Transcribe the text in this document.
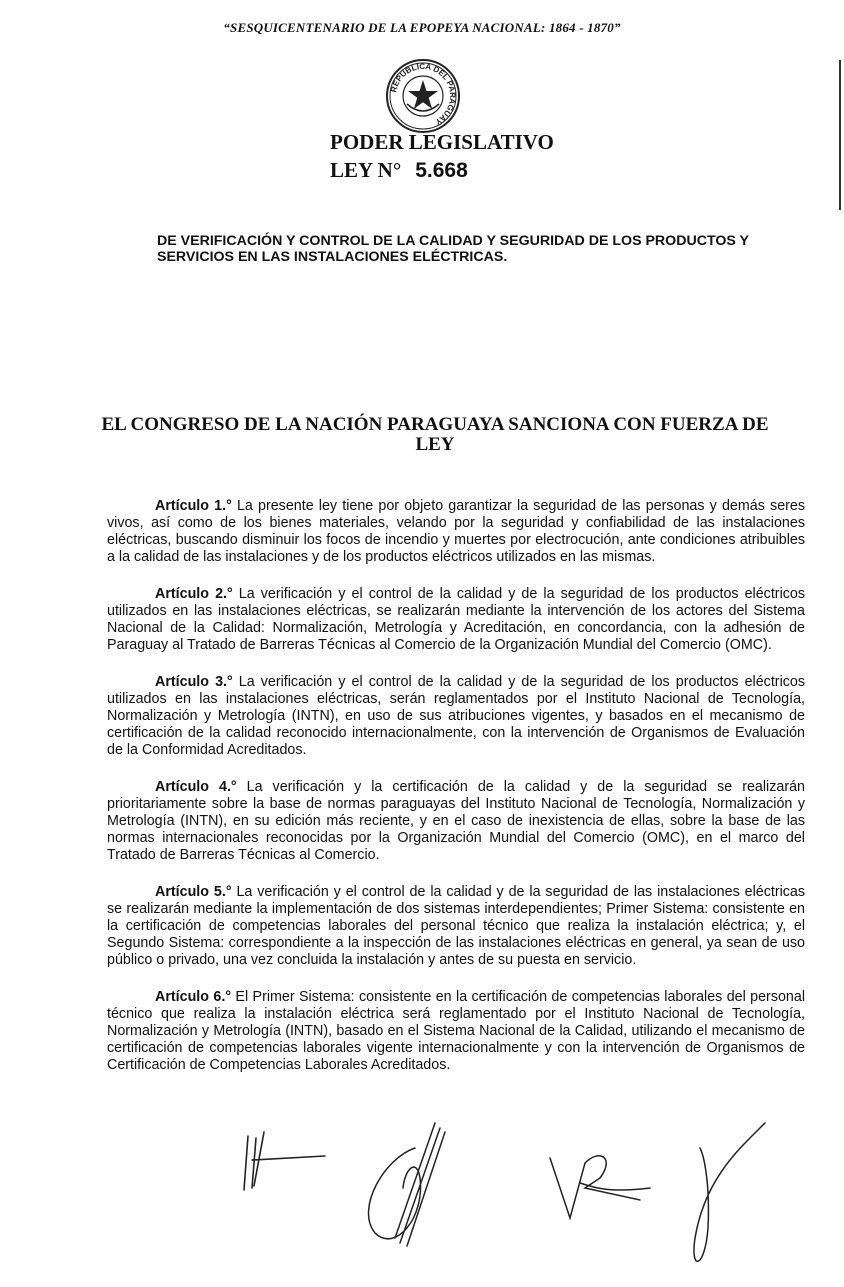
“SESQUICENTENARIO DE LA EPOPEYA NACIONAL: 1864 - 1870”
REPUBLICA DEL PARAGUAY
PODER LEGISLATIVO
LEY N° 5.668
DE VERIFICACIÓN Y CONTROL DE LA CALIDAD Y SEGURIDAD DE LOS PRODUCTOS Y SERVICIOS EN LAS INSTALACIONES ELÉCTRICAS.
EL CONGRESO DE LA NACIÓN PARAGUAYA SANCIONA CON FUERZA DE LEY

Artículo 1.° La presente ley tiene por objeto garantizar la seguridad de las personas y demás seres vivos, así como de los bienes materiales, velando por la seguridad y confiabilidad de las instalaciones eléctricas, buscando disminuir los focos de incendio y muertes por electrocución, ante condiciones atribuibles a la calidad de las instalaciones y de los productos eléctricos utilizados en las mismas.

Artículo 2.° La verificación y el control de la calidad y de la seguridad de los productos eléctricos utilizados en las instalaciones eléctricas, se realizarán mediante la intervención de los actores del Sistema Nacional de la Calidad: Normalización, Metrología y Acreditación, en concordancia, con la adhesión de Paraguay al Tratado de Barreras Técnicas al Comercio de la Organización Mundial del Comercio (OMC).

Artículo 3.° La verificación y el control de la calidad y de la seguridad de los productos eléctricos utilizados en las instalaciones eléctricas, serán reglamentados por el Instituto Nacional de Tecnología, Normalización y Metrología (INTN), en uso de sus atribuciones vigentes, y basados en el mecanismo de certificación de la calidad reconocido internacionalmente, con la intervención de Organismos de Evaluación de la Conformidad Acreditados.

Artículo 4.° La verificación y la certificación de la calidad y de la seguridad se realizarán prioritariamente sobre la base de normas paraguayas del Instituto Nacional de Tecnología, Normalización y Metrología (INTN), en su edición más reciente, y en el caso de inexistencia de ellas, sobre la base de las normas internacionales reconocidas por la Organización Mundial del Comercio (OMC), en el marco del Tratado de Barreras Técnicas al Comercio.

Artículo 5.° La verificación y el control de la calidad y de la seguridad de las instalaciones eléctricas se realizarán mediante la implementación de dos sistemas interdependientes; Primer Sistema: consistente en la certificación de competencias laborales del personal técnico que realiza la instalación eléctrica; y, el Segundo Sistema: correspondiente a la inspección de las instalaciones eléctricas en general, ya sean de uso público o privado, una vez concluida la instalación y antes de su puesta en servicio.

Artículo 6.° El Primer Sistema: consistente en la certificación de competencias laborales del personal técnico que realiza la instalación eléctrica será reglamentado por el Instituto Nacional de Tecnología, Normalización y Metrología (INTN), basado en el Sistema Nacional de la Calidad, utilizando el mecanismo de certificación de competencias laborales vigente internacionalmente y con la intervención de Organismos de Certificación de Competencias Laborales Acreditados.
